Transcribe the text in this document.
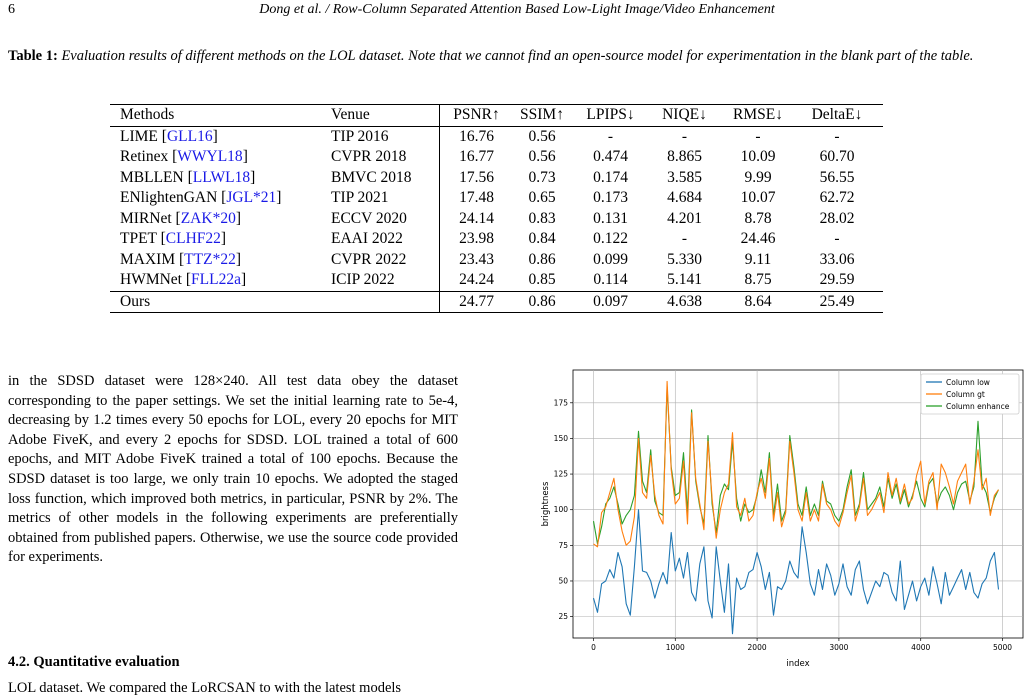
6	Dong et al. / Row-Column Separated Attention Based Low-Light Image/Video Enhancement
Table 1: Evaluation results of different methods on the LOL dataset. Note that we cannot find an open-source model for experimentation in the blank part of the table.
Methods	Venue	PSNR↑	SSIM↑	LPIPS↓	NIQE↓	RMSE↓	DeltaE↓
LIME [GLL16]	TIP 2016	16.76	0.56	-	-	-	-
Retinex [WWYL18]	CVPR 2018	16.77	0.56	0.474	8.865	10.09	60.70
MBLLEN [LLWL18]	BMVC 2018	17.56	0.73	0.174	3.585	9.99	56.55
ENlightenGAN [JGL*21]	TIP 2021	17.48	0.65	0.173	4.684	10.07	62.72
MIRNet [ZAK*20]	ECCV 2020	24.14	0.83	0.131	4.201	8.78	28.02
TPET [CLHF22]	EAAI 2022	23.98	0.84	0.122	-	24.46	-
MAXIM [TTZ*22]	CVPR 2022	23.43	0.86	0.099	5.330	9.11	33.06
HWMNet [FLL22a]	ICIP 2022	24.24	0.85	0.114	5.141	8.75	29.59
Ours		24.77	0.86	0.097	4.638	8.64	25.49

in the SDSD dataset were 128×240. All test data obey the dataset corresponding to the paper settings. We set the initial learning rate to 5e-4, decreasing by 1.2 times every 50 epochs for LOL, every 20 epochs for MIT Adobe FiveK, and every 2 epochs for SDSD. LOL trained a total of 600 epochs, and MIT Adobe FiveK trained a total of 100 epochs. Because the SDSD dataset is too large, we only train 10 epochs. We adopted the staged loss function, which improved both metrics, in particular, PSNR by 2%. The metrics of other models in the following experiments are preferentially obtained from published papers. Otherwise, we use the source code provided for experiments.

4.2. Quantitative evaluation
LOL dataset. We compared the LoRCSAN to with the latest models
0	1000	2000	3000	4000	5000
25
50
75
100
125
150
175
index
brightness
Column low
Column gt
Column enhance
